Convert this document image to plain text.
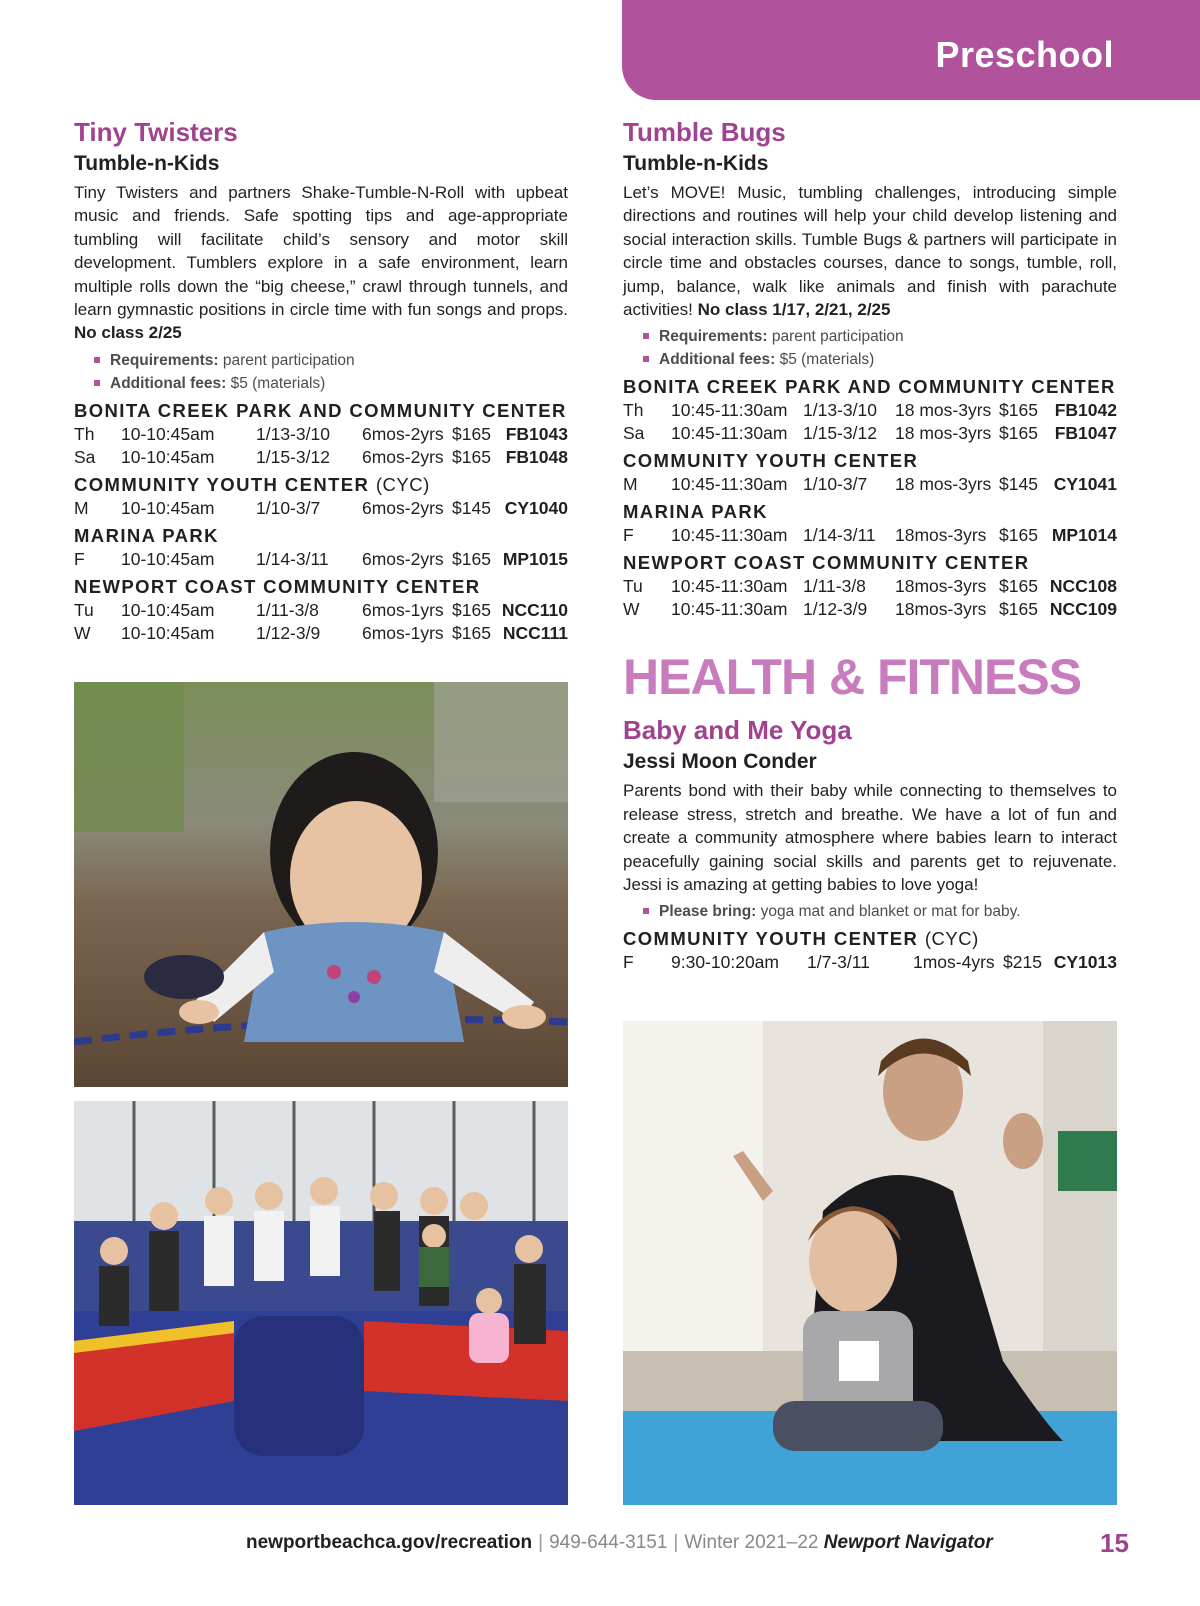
Preschool
Tiny Twisters
Tumble-n-Kids

Tiny Twisters and partners Shake-Tumble-N-Roll with upbeat music and friends. Safe spotting tips and age-appropriate tumbling will facilitate child’s sensory and motor skill development. Tumblers explore in a safe environment, learn multiple rolls down the “big cheese,” crawl through tunnels, and learn gymnastic positions in circle time with fun songs and props. No class 2/25

Requirements: parent participation
Additional fees: $5 (materials)
BONITA CREEK PARK AND COMMUNITY CENTER
Th	10-10:45am	1/13-3/10	6mos-2yrs $165 FB1043
Sa	10-10:45am	1/15-3/12	6mos-2yrs $165 FB1048
COMMUNITY YOUTH CENTER (CYC)
M	10-10:45am	1/10-3/7	6mos-2yrs $145 CY1040
MARINA PARK
F	10-10:45am	1/14-3/11	6mos-2yrs $165 MP1015
NEWPORT COAST COMMUNITY CENTER
Tu	10-10:45am	1/11-3/8	6mos-1yrs $165 NCC110
W	10-10:45am	1/12-3/9	6mos-1yrs $165 NCC111
Tumble Bugs
Tumble-n-Kids

Let’s MOVE! Music, tumbling challenges, introducing simple directions and routines will help your child develop listening and social interaction skills. Tumble Bugs & partners will participate in circle time and obstacles courses, dance to songs, tumble, roll, jump, balance, walk like animals and finish with parachute activities! No class 1/17, 2/21, 2/25

Requirements: parent participation
Additional fees: $5 (materials)
BONITA CREEK PARK AND COMMUNITY CENTER
Th	10:45-11:30am 1/13-3/10	18 mos-3yrs $165 FB1042
Sa	10:45-11:30am 1/15-3/12	18 mos-3yrs $165 FB1047
COMMUNITY YOUTH CENTER
M	10:45-11:30am 1/10-3/7	18 mos-3yrs $145 CY1041
MARINA PARK
F	10:45-11:30am 1/14-3/11	18mos-3yrs $165 MP1014
NEWPORT COAST COMMUNITY CENTER
Tu	10:45-11:30am 1/11-3/8	18mos-3yrs $165 NCC108
W	10:45-11:30am 1/12-3/9	18mos-3yrs $165 NCC109
HEALTH & FITNESS
Baby and Me Yoga
Jessi Moon Conder

Parents bond with their baby while connecting to themselves to release stress, stretch and breathe. We have a lot of fun and create a community atmosphere where babies learn to interact peacefully gaining social skills and parents get to rejuvenate. Jessi is amazing at getting babies to love yoga!

Please bring: yoga mat and blanket or mat for baby.
COMMUNITY YOUTH CENTER (CYC)
F	9:30-10:20am	1/7-3/11	1mos-4yrs $215 CY1013
newportbeachca.gov/recreation | 949-644-3151 | Winter 2021–22 Newport Navigator	15
